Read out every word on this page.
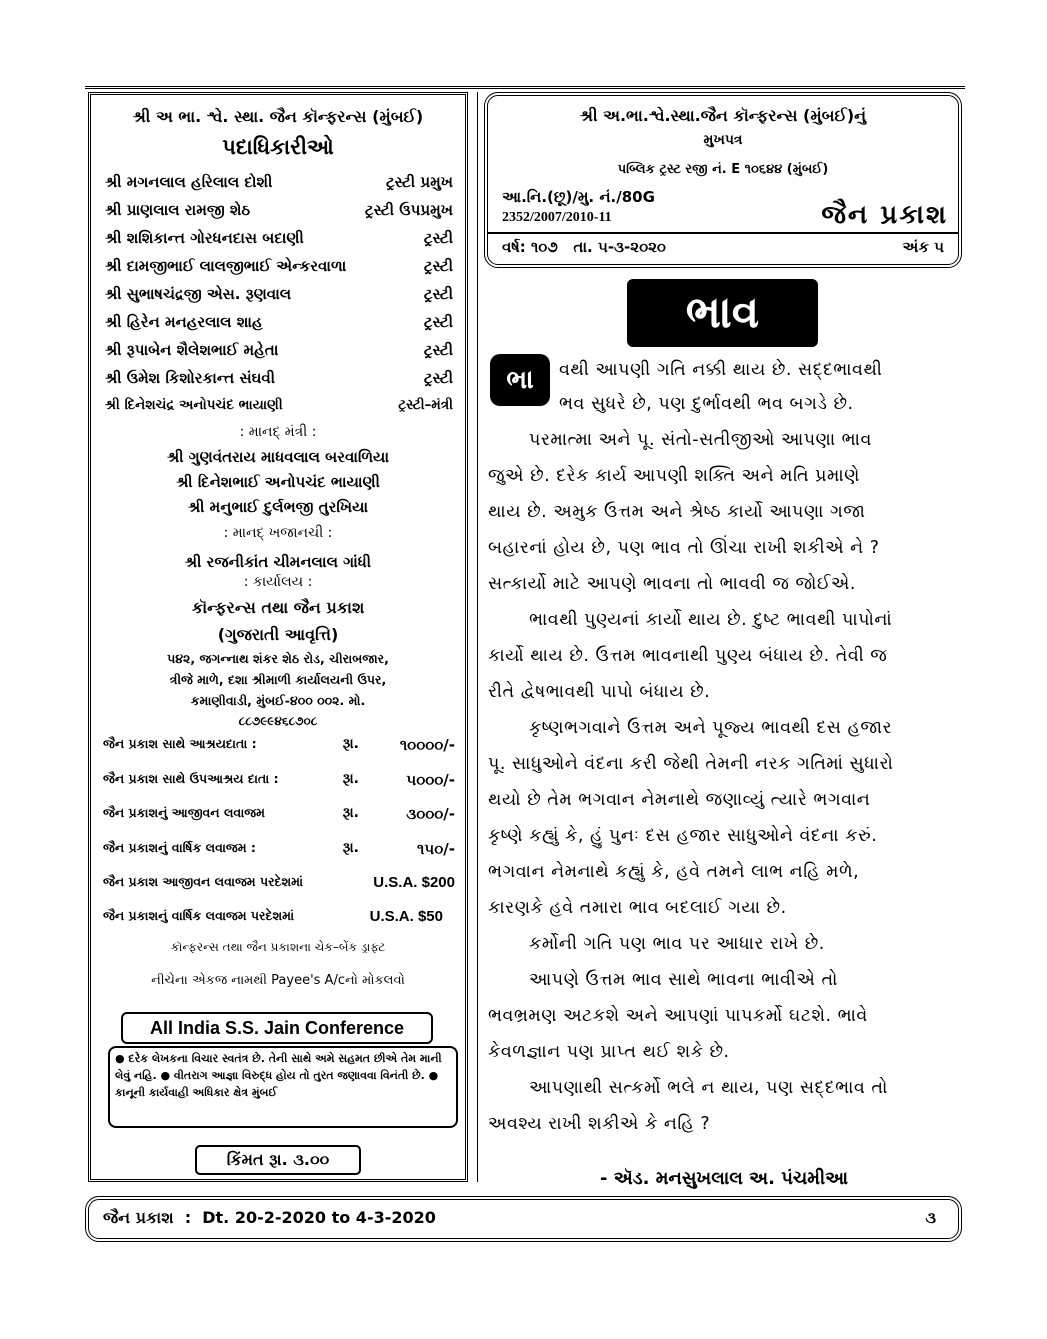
શ્રી અ ભા. શ્વે. સ્થા. જૈન કૉન્ફરન્સ (મુંબઈ)
પદાધિકારીઓ
શ્રી મગનલાલ હરિલાલ દોશી	ટ્રસ્ટી પ્રમુખ
શ્રી પ્રાણલાલ રામજી શેઠ	ટ્રસ્ટી ઉપપ્રમુખ
શ્રી શશિકાન્ત ગોરધનદાસ બદાણી	ટ્રસ્ટી
શ્રી દામજીભાઈ લાલજીભાઈ એન્કરવાળા	ટ્રસ્ટી
શ્રી સુભાષચંદ્રજી એસ. રૂણવાલ	ટ્રસ્ટી
શ્રી હિરેન મનહરલાલ શાહ	ટ્રસ્ટી
શ્રી રૂપાબેન શૈલેશભાઈ મહેતા	ટ્રસ્ટી
શ્રી ઉમેશ કિશોરકાન્ત સંઘવી	ટ્રસ્ટી
શ્રી દિનેશચંદ્ર અનોપચંદ ભાયાણી	ટ્રસ્ટી–મંત્રી
: માનદ્ મંત્રી :
શ્રી ગુણવંતરાય માધવલાલ બરવાળિયા
શ્રી દિનેશભાઈ અનોપચંદ ભાયાણી
શ્રી મનુભાઈ દુર્લભજી તુરખિયા
: માનદ્ ખજાનચી :
શ્રી રજનીકાંત ચીમનલાલ ગાંધી
: કાર્યાલય :
કૉન્ફરન્સ તથા જૈન પ્રકાશ
(ગુજરાતી આવૃત્તિ)
૫૪૨, જગન્નાથ શંકર શેઠ રોડ, ચીરાબજાર,
ત્રીજે માળે, દશા શ્રીમાળી કાર્યાલયની ઉપર,
કમાણીવાડી, મુંબઈ-૪૦૦ ૦૦૨. મો.
૮૮૭૯૯૪૬૮૭૦૮
જૈન પ્રકાશ સાથે આશ્રયદાતા :	રૂા.	૧૦૦૦૦/-
જૈન પ્રકાશ સાથે ઉપઆશ્રય દાતા :	રૂા.	૫૦૦૦/-
જૈન પ્રકાશનું આજીવન લવાજમ	રૂા.	૩૦૦૦/-
જૈન પ્રકાશનું વાર્ષિક લવાજમ :	રૂા.	૧૫૦/-
જૈન પ્રકાશ આજીવન લવાજમ પરદેશમાં	U.S.A. $200
જૈન પ્રકાશનું વાર્ષિક લવાજમ પરદેશમાં	U.S.A. $50
કૉન્ફરન્સ તથા જૈન પ્રકાશના ચેક–બેંક ડ્રાફ્ટ
નીચેના એકજ નામથી Payee's A/cનો મોકલવો
All India S.S. Jain Conference
● દરેક લેખકના વિચાર સ્વતંત્ર છે. તેની સાથે અમે સહમત છીએ તેમ માની લેવું નહિ. ● વીતરાગ આજ્ઞા વિરુદ્ધ હોય તો તુરત જણાવવા વિનંતી છે. ● કાનૂની કાર્યવાહી અધિકાર ક્ષેત્ર મુંબઈ
કિંમત રૂા. ૩.૦૦
શ્રી અ.ભા.શ્વે.સ્થા.જૈન કૉન્ફરન્સ (મુંબઈ)નું
મુખપત્ર
પબ્લિક ટ્રસ્ટ રજી નં. E ૧૦૬૪૪ (મુંબઈ)
આ.નિ.(છૂ)/મુ. નં./80G
2352/2007/2010-11	જૈન પ્રકાશ
વર્ષ: ૧૦૭   તા. ૫-૩-૨૦૨૦	અંક ૫
ભાવ
ભા	વથી આપણી ગતિ નક્કી થાય છે. સદ્દભાવથી
ભવ સુધરે છે, પણ દુર્ભાવથી ભવ બગડે છે.
પરમાત્મા અને પૂ. સંતો-સતીજીઓ આપણા ભાવ
જુએ છે. દરેક કાર્ય આપણી શક્તિ અને મતિ પ્રમાણે
થાય છે. અમુક ઉત્તમ અને શ્રેષ્ઠ કાર્યો આપણા ગજા
બહારનાં હોય છે, પણ ભાવ તો ઊંચા રાખી શકીએ ને ?
સત્કાર્યો માટે આપણે ભાવના તો ભાવવી જ જોઈએ.
ભાવથી પુણ્યનાં કાર્યો થાય છે. દુષ્ટ ભાવથી પાપોનાં
કાર્યો થાય છે. ઉત્તમ ભાવનાથી પુણ્ય બંધાય છે. તેવી જ
રીતે દ્વેષભાવથી પાપો બંધાય છે.
કૃષ્ણભગવાને ઉત્તમ અને પૂજ્ય ભાવથી દસ હજાર
પૂ. સાધુઓને વંદના કરી જેથી તેમની નરક ગતિમાં સુધારો
થયો છે તેમ ભગવાન નેમનાથે જણાવ્યું ત્યારે ભગવાન
કૃષ્ણે કહ્યું કે, હું પુનઃ દસ હજાર સાધુઓને વંદના કરું.
ભગવાન નેમનાથે કહ્યું કે, હવે તમને લાભ નહિ મળે,
કારણકે હવે તમારા ભાવ બદલાઈ ગયા છે.
કર્મોની ગતિ પણ ભાવ પર આધાર રાખે છે.
આપણે ઉત્તમ ભાવ સાથે ભાવના ભાવીએ તો
ભવભ્રમણ અટકશે અને આપણાં પાપકર્મો ઘટશે. ભાવે
કેવળજ્ઞાન પણ પ્રાપ્ત થઈ શકે છે.
આપણાથી સત્કર્મો ભલે ન થાય, પણ સદ્દભાવ તો
અવશ્ય રાખી શકીએ કે નહિ ?
- ઍડ. મનસુખલાલ અ. પંચમીઆ
જૈન પ્રકાશ  :  Dt. 20-2-2020 to 4-3-2020	૩
